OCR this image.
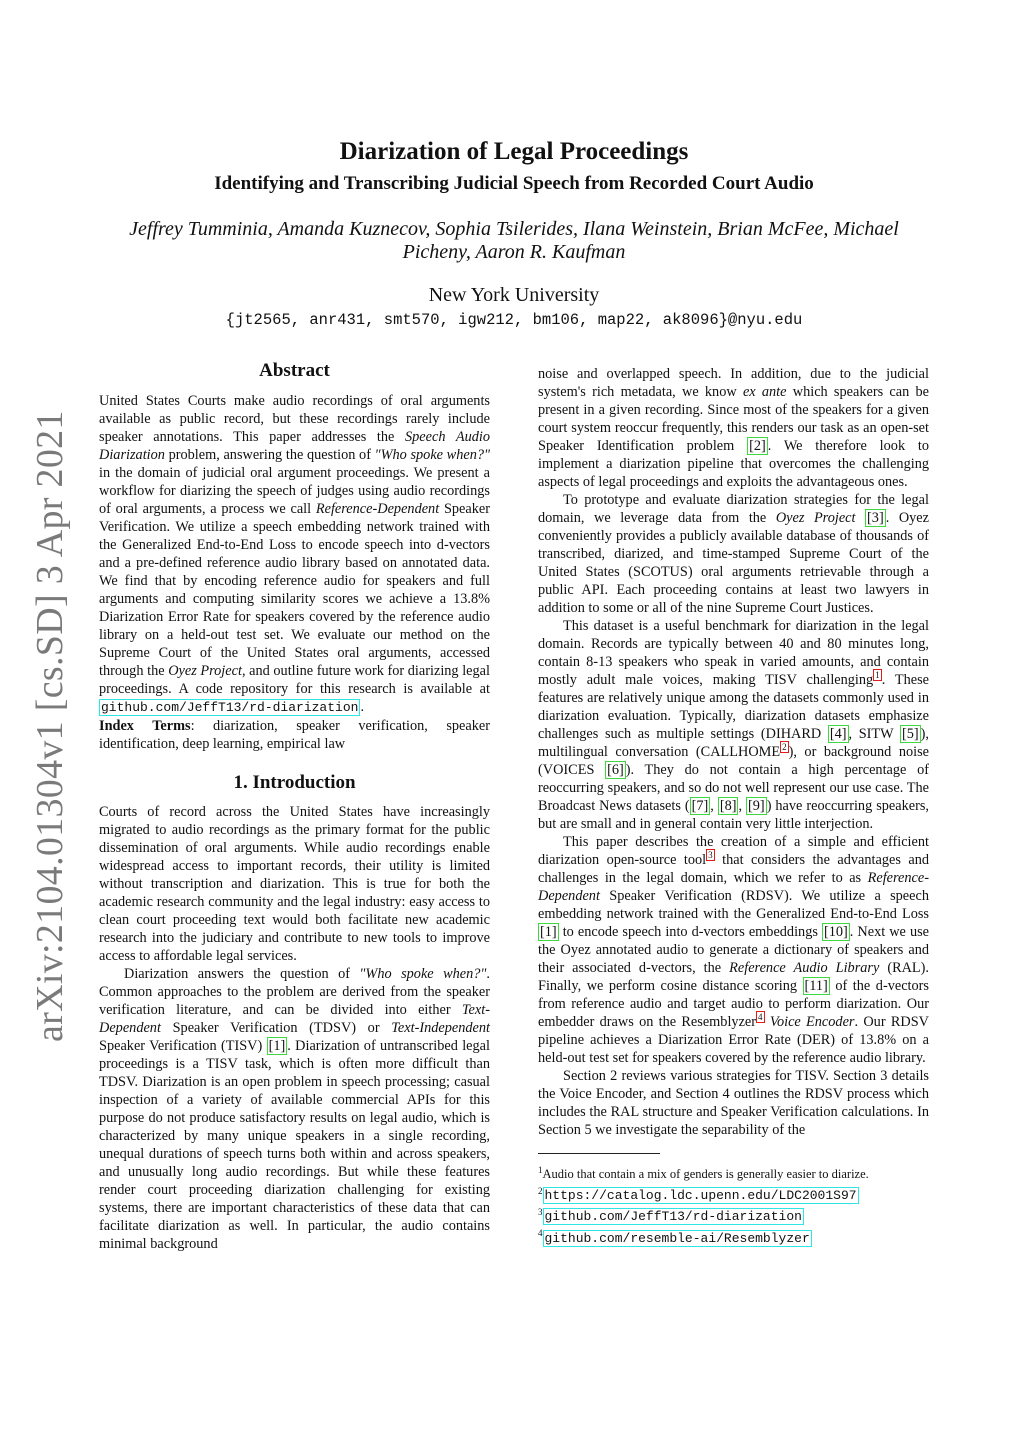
arXiv:2104.01304v1 [cs.SD] 3 Apr 2021
Diarization of Legal Proceedings
Identifying and Transcribing Judicial Speech from Recorded Court Audio
Jeffrey Tumminia, Amanda Kuznecov, Sophia Tsilerides, Ilana Weinstein, Brian McFee, Michael
Picheny, Aaron R. Kaufman
New York University
{jt2565, anr431, smt570, igw212, bm106, map22, ak8096}@nyu.edu
Abstract

United States Courts make audio recordings of oral arguments available as public record, but these recordings rarely include speaker annotations. This paper addresses the Speech Audio Diarization problem, answering the question of "Who spoke when?" in the domain of judicial oral argument proceedings. We present a workflow for diarizing the speech of judges using audio recordings of oral arguments, a process we call Reference-Dependent Speaker Verification. We utilize a speech embedding network trained with the Generalized End-to-End Loss to encode speech into d-vectors and a pre-defined reference audio library based on annotated data. We find that by encoding reference audio for speakers and full arguments and computing similarity scores we achieve a 13.8% Diarization Error Rate for speakers covered by the reference audio library on a held-out test set. We evaluate our method on the Supreme Court of the United States oral arguments, accessed through the Oyez Project, and outline future work for diarizing legal proceedings. A code repository for this research is available at github.com/JeffT13/rd-diarization .

Index Terms: diarization, speaker verification, speaker identification, deep learning, empirical law

1. Introduction

Courts of record across the United States have increasingly migrated to audio recordings as the primary format for the public dissemination of oral arguments. While audio recordings enable widespread access to important records, their utility is limited without transcription and diarization. This is true for both the academic research community and the legal industry: easy access to clean court proceeding text would both facilitate new academic research into the judiciary and contribute to new tools to improve access to affordable legal services.

Diarization answers the question of "Who spoke when?". Common approaches to the problem are derived from the speaker verification literature, and can be divided into either Text-Dependent Speaker Verification (TDSV) or Text-Independent Speaker Verification (TISV) [1] . Diarization of untranscribed legal proceedings is a TISV task, which is often more difficult than TDSV. Diarization is an open problem in speech processing; casual inspection of a variety of available commercial APIs for this purpose do not produce satisfactory results on legal audio, which is characterized by many unique speakers in a single recording, unequal durations of speech turns both within and across speakers, and unusually long audio recordings. But while these features render court proceeding diarization challenging for existing systems, there are important characteristics of these data that can facilitate diarization as well. In particular, the audio contains minimal background

noise and overlapped speech. In addition, due to the judicial system's rich metadata, we know ex ante which speakers can be present in a given recording. Since most of the speakers for a given court system reoccur frequently, this renders our task as an open-set Speaker Identification problem [2] . We therefore look to implement a diarization pipeline that overcomes the challenging aspects of legal proceedings and exploits the advantageous ones.

To prototype and evaluate diarization strategies for the legal domain, we leverage data from the Oyez Project [3] . Oyez conveniently provides a publicly available database of thousands of transcribed, diarized, and time-stamped Supreme Court of the United States (SCOTUS) oral arguments retrievable through a public API. Each proceeding contains at least two lawyers in addition to some or all of the nine Supreme Court Justices.

This dataset is a useful benchmark for diarization in the legal domain. Records are typically between 40 and 80 minutes long, contain 8-13 speakers who speak in varied amounts, and contain mostly adult male voices, making TISV challenging $^1$ . These features are relatively unique among the datasets commonly used in diarization evaluation. Typically, diarization datasets emphasize challenges such as multiple settings (DIHARD [4] , SITW [5] ), multilingual conversation (CALLHOME $^2$ ), or background noise (VOICES [6] ). They do not contain a high percentage of reoccurring speakers, and so do not well represent our use case. The Broadcast News datasets ( [7] , [8] , [9] ) have reoccurring speakers, but are small and in general contain very little interjection.

This paper describes the creation of a simple and efficient diarization open-source tool $^3$ that considers the advantages and challenges in the legal domain, which we refer to as Reference-Dependent Speaker Verification (RDSV). We utilize a speech embedding network trained with the Generalized End-to-End Loss [1] to encode speech into d-vectors embeddings [10] . Next we use the Oyez annotated audio to generate a dictionary of speakers and their associated d-vectors, the Reference Audio Library (RAL). Finally, we perform cosine distance scoring [11] of the d-vectors from reference audio and target audio to perform diarization. Our embedder draws on the Resemblyzer $^4$ Voice Encoder. Our RDSV pipeline achieves a Diarization Error Rate (DER) of 13.8% on a held-out test set for speakers covered by the reference audio library.

Section 2 reviews various strategies for TISV. Section 3 details the Voice Encoder, and Section 4 outlines the RDSV process which includes the RAL structure and Speaker Verification calculations. In Section 5 we investigate the separability of the

$^1$Audio that contain a mix of genders is generally easier to diarize.
$^2$ https://catalog.ldc.upenn.edu/LDC2001S97
$^3$ github.com/JeffT13/rd-diarization
$^4$ github.com/resemble-ai/Resemblyzer
